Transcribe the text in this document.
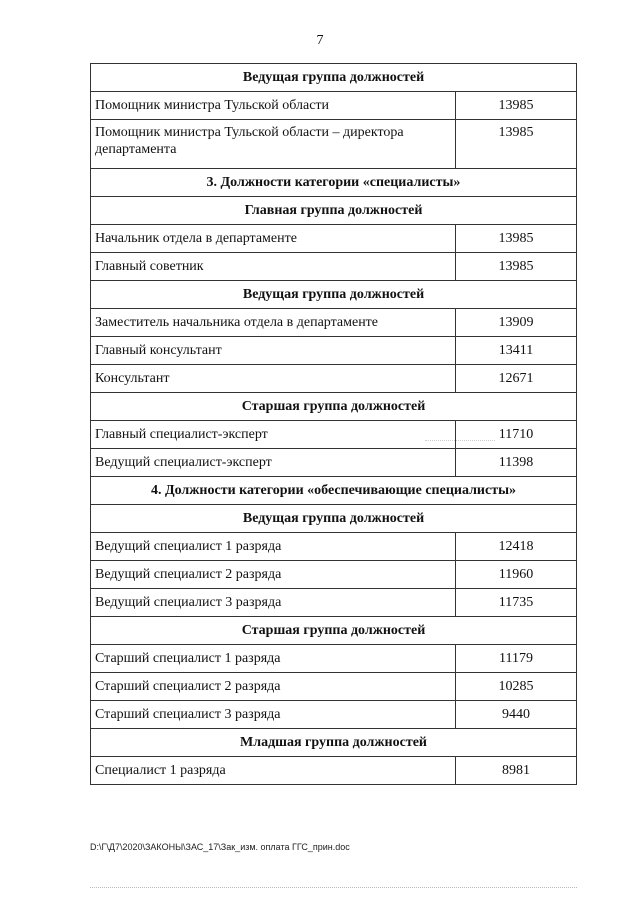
7
Ведущая группа должностей	
Помощник министра Тульской области	13985
Помощник министра Тульской области – директора департамента	13985
3. Должности категории «специалисты»	
Главная группа должностей	
Начальник отдела в департаменте	13985
Главный советник	13985
Ведущая группа должностей	
Заместитель начальника отдела в департаменте	13909
Главный консультант	13411
Консультант	12671
Старшая группа должностей	
Главный специалист-эксперт	11710
Ведущий специалист-эксперт	11398
4. Должности категории «обеспечивающие специалисты»	
Ведущая группа должностей	
Ведущий специалист 1 разряда	12418
Ведущий специалист 2 разряда	11960
Ведущий специалист 3 разряда	11735
Старшая группа должностей	
Старший специалист 1 разряда	11179
Старший специалист 2 разряда	10285
Старший специалист 3 разряда	9440
Младшая группа должностей	
Специалист 1 разряда	8981
D:\Г\Д7\2020\ЗАКОНЫ\ЗАС_17\Зак_изм. оплата ГГС_прин.doc
